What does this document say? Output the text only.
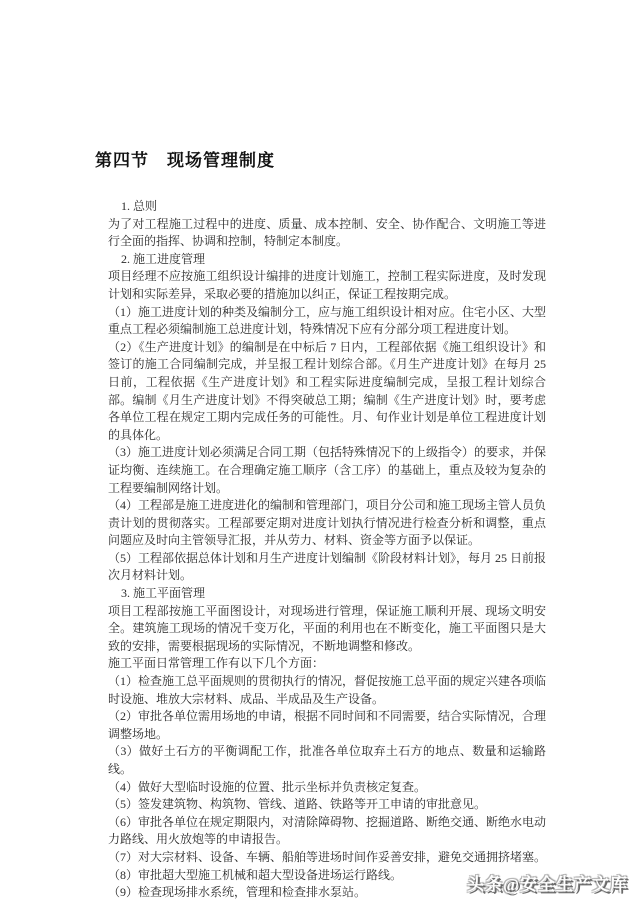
第四节　现场管理制度
1. 总则
为了对工程施工过程中的进度、质量、成本控制、安全、协作配合、文明施工等进行全面的指挥、协调和控制，特制定本制度。
2. 施工进度管理
项目经理不应按施工组织设计编排的进度计划施工，控制工程实际进度，及时发现计划和实际差异，采取必要的措施加以纠正，保证工程按期完成。
（1）施工进度计划的种类及编制分工，应与施工组织设计相对应。住宅小区、大型重点工程必须编制施工总进度计划，特殊情况下应有分部分项工程进度计划。
（2）《生产进度计划》的编制是在中标后 7 日内，工程部依据《施工组织设计》和签订的施工合同编制完成，并呈报工程计划综合部。《月生产进度计划》在每月 25 日前，工程依据《生产进度计划》和工程实际进度编制完成，呈报工程计划综合部。编制《月生产进度计划》不得突破总工期；编制《生产进度计划》时，要考虑各单位工程在规定工期内完成任务的可能性。月、旬作业计划是单位工程进度计划的具体化。
（3）施工进度计划必须满足合同工期（包括特殊情况下的上级指令）的要求，并保证均衡、连续施工。在合理确定施工顺序（含工序）的基础上，重点及较为复杂的工程要编制网络计划。
（4）工程部是施工进度进化的编制和管理部门，项目分公司和施工现场主管人员负责计划的贯彻落实。工程部要定期对进度计划执行情况进行检查分析和调整，重点问题应及时向主管领导汇报，并从劳力、材料、资金等方面予以保证。
（5）工程部依据总体计划和月生产进度计划编制《阶段材料计划》，每月 25 日前报次月材料计划。
3. 施工平面管理
项目工程部按施工平面图设计，对现场进行管理，保证施工顺利开展、现场文明安全。建筑施工现场的情况千变万化，平面的利用也在不断变化，施工平面图只是大致的安排，需要根据现场的实际情况，不断地调整和修改。
施工平面日常管理工作有以下几个方面：
（1）检查施工总平面规则的贯彻执行的情况，督促按施工总平面的规定兴建各项临时设施、堆放大宗材料、成品、半成品及生产设备。
（2）审批各单位需用场地的申请，根据不同时间和不同需要，结合实际情况，合理调整场地。
（3）做好土石方的平衡调配工作，批准各单位取弃土石方的地点、数量和运输路线。
（4）做好大型临时设施的位置、批示坐标并负责核定复查。
（5）签发建筑物、构筑物、管线、道路、铁路等开工申请的审批意见。
（6）审批各单位在规定期限内，对清除障碍物、挖掘道路、断绝交通、断绝水电动力路线、用火放炮等的申请报告。
（7）对大宗材料、设备、车辆、船舶等进场时间作妥善安排，避免交通拥挤堵塞。
（8）审批超大型施工机械和超大型设备进场运行路线。
（9）检查现场排水系统，管理和检查排水泵站。	头条@安全生产文库
